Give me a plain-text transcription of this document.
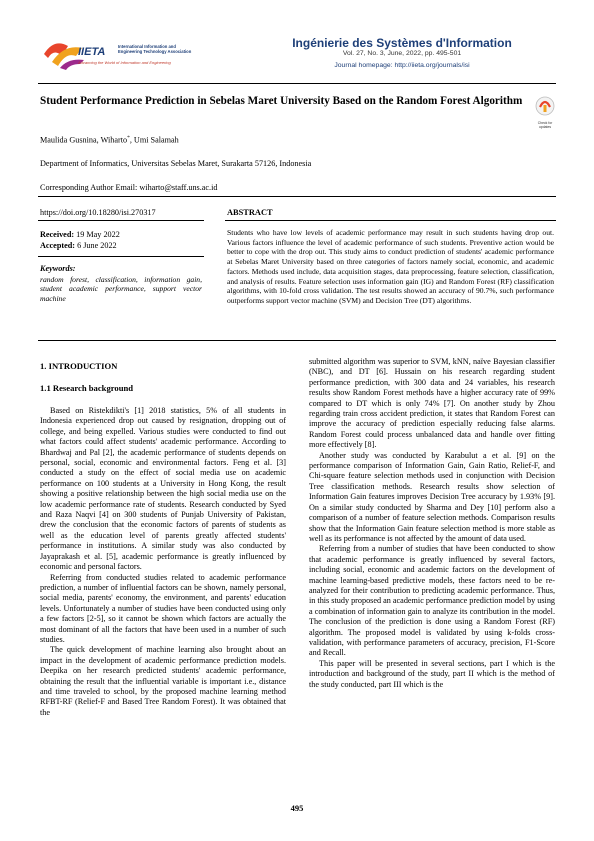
IIETA	International Information and
Engineering Technology Association
Advancing the World of Information and Engineering
Ingénierie des Systèmes d'Information
Vol. 27, No. 3, June, 2022, pp. 495-501
Journal homepage: http://iieta.org/journals/isi
Check for
updates
Student Performance Prediction in Sebelas Maret University Based on the Random Forest Algorithm
Maulida Gusnina, Wiharto*, Umi Salamah
Department of Informatics, Universitas Sebelas Maret, Surakarta 57126, Indonesia
Corresponding Author Email: wiharto@staff.uns.ac.id
https://doi.org/10.18280/isi.270317
Received: 19 May 2022
Accepted: 6 June 2022
Keywords:
random forest, classification, information gain, student academic performance, support vector machine
ABSTRACT
Students who have low levels of academic performance may result in such students having drop out. Various factors influence the level of academic performance of such students. Preventive action would be better to cope with the drop out. This study aims to conduct prediction of students' academic performance at Sebelas Maret University based on three categories of factors namely social, economic, and academic factors. Methods used include, data acquisition stages, data preprocessing, feature selection, classification, and analysis of results. Feature selection uses information gain (IG) and Random Forest (RF) classification algorithms, with 10-fold cross validation. The test results showed an accuracy of 90.7%, such performance outperforms support vector machine (SVM) and Decision Tree (DT) algorithms.
1. INTRODUCTION
1.1 Research background

Based on Ristekdikti's [1] 2018 statistics, 5% of all students in Indonesia experienced drop out caused by resignation, dropping out of college, and being expelled. Various studies were conducted to find out what factors could affect students' academic performance. According to Bhardwaj and Pal [2], the academic performance of students depends on personal, social, economic and environmental factors. Feng et al. [3] conducted a study on the effect of social media use on academic performance on 100 students at a University in Hong Kong, the result showing a positive relationship between the high social media use on the low academic performance rate of students. Research conducted by Syed and Raza Naqvi [4] on 300 students of Punjab University of Pakistan, drew the conclusion that the economic factors of parents of students as well as the education level of parents greatly affected students' performance in institutions. A similar study was also conducted by Jayaprakash et al. [5], academic performance is greatly influenced by economic and personal factors.

Referring from conducted studies related to academic performance prediction, a number of influential factors can be shown, namely personal, social media, parents' economy, the environment, and parents' education levels. Unfortunately a number of studies have been conducted using only a few factors [2-5], so it cannot be shown which factors are actually the most dominant of all the factors that have been used in a number of such studies.

The quick development of machine learning also brought about an impact in the development of academic performance prediction models. Deepika on her research predicted students' academic performance, obtaining the result that the influential variable is important i.e., distance and time traveled to school, by the proposed machine learning method RFBT-RF (Relief-F and Based Tree Random Forest). It was obtained that the

submitted algorithm was superior to SVM, kNN, naïve Bayesian classifier (NBC), and DT [6]. Hussain on his research regarding student performance prediction, with 300 data and 24 variables, his research results show Random Forest methods have a higher accuracy rate of 99% compared to DT which is only 74% [7]. On another study by Zhou regarding train cross accident prediction, it states that Random Forest can improve the accuracy of prediction especially reducing false alarms. Random Forest could process unbalanced data and handle over fitting more effectively [8].

Another study was conducted by Karabulut a et al. [9] on the performance comparison of Information Gain, Gain Ratio, Relief-F, and Chi-square feature selection methods used in conjunction with Decision Tree classification methods. Research results show selection of Information Gain features improves Decision Tree accuracy by 1.93% [9]. On a similar study conducted by Sharma and Dey [10] perform also a comparison of a number of feature selection methods. Comparison results show that the Information Gain feature selection method is more stable as well as its performance is not affected by the amount of data used.

Referring from a number of studies that have been conducted to show that academic performance is greatly influenced by several factors, including social, economic and academic factors on the development of machine learning-based predictive models, these factors need to be re-analyzed for their contribution to predicting academic performance. Thus, in this study proposed an academic performance prediction model by using a combination of information gain to analyze its contribution in the model. The conclusion of the prediction is done using a Random Forest (RF) algorithm. The proposed model is validated by using k-folds cross-validation, with performance parameters of accuracy, precision, F1-Score and Recall.

This paper will be presented in several sections, part I which is the introduction and background of the study, part II which is the method of the study conducted, part III which is the

495
